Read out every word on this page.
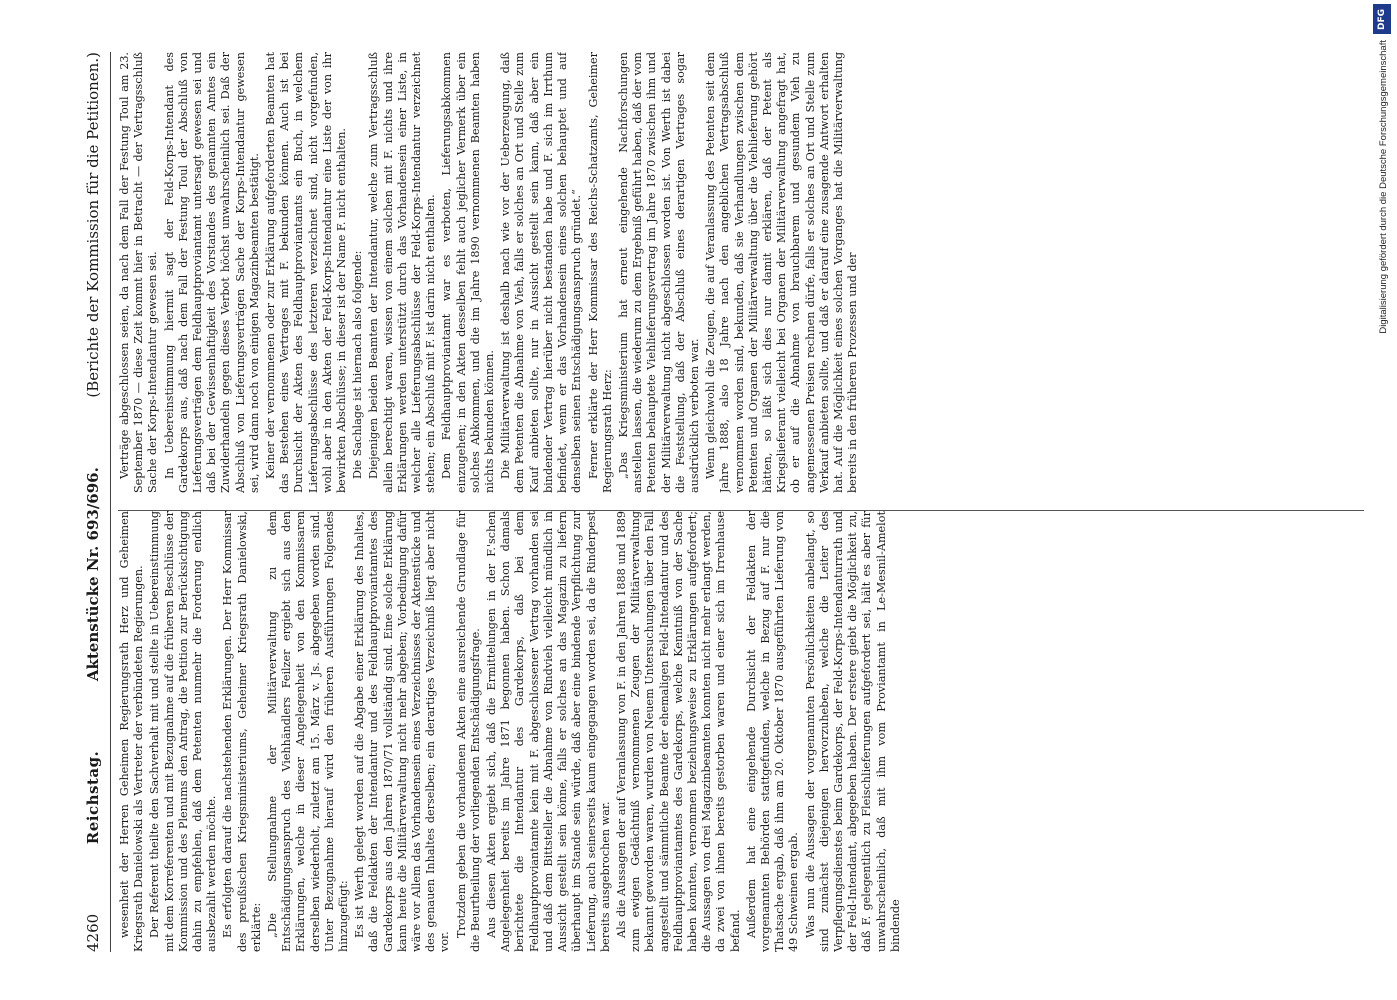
4260
Reichstag.
Aktenstücke Nr. 693/696.
(Berichte der Kommission für die Petitionen.)

wesenheit der Herren Geheimen Regierungsrath Herz und Geheimen Kriegsrath Danielowski als Vertreter der verbündeten Regierungen. Der Referent theilte den Sachverhalt mit und stellte in Uebereinstimmung mit dem Korreferenten und mit Bezugnahme auf die früheren Beschlüsse der Kommission und des Plenums den Antrag, die Petition zur Berücksichtigung dahin zu empfehlen, daß dem Petenten nunmehr die Forderung endlich ausbezahlt werden möchte. Es erfolgten darauf die nachstehenden Erklärungen. Der Herr Kommissar des preußischen Kriegsministeriums, Geheimer Kriegsrath Danielowski, erklärte: „Die Stellungnahme der Militärverwaltung zu dem Entschädigungsanspruch des Viehhändlers Feilzer ergiebt sich aus den Erklärungen, welche in dieser Angelegenheit von den Kommissaren derselben wiederholt, zuletzt am 15. März v. Js. abgegeben worden sind. Unter Bezugnahme hierauf wird den früheren Ausführungen Folgendes hinzugefügt: Es ist Werth gelegt worden auf die Abgabe einer Erklärung des Inhaltes, daß die Feldakten der Intendantur und des Feldhauptproviantamtes des Gardekorps aus den Jahren 1870/71 vollständig sind. Eine solche Erklärung kann heute die Militärverwaltung nicht mehr abgeben; Vorbedingung dafür wäre vor Allem das Vorhandensein eines Verzeichnisses der Aktenstücke und des genauen Inhaltes derselben; ein derartiges Verzeichniß liegt aber nicht vor.

Trotzdem geben die vorhandenen Akten eine ausreichende Grundlage für die Beurtheilung der vorliegenden Entschädigungsfrage. Aus diesen Akten ergiebt sich, daß die Ermittelungen in der F.'schen Angelegenheit bereits im Jahre 1871 begonnen haben. Schon damals berichtete die Intendantur des Gardekorps, daß bei dem Feldhauptproviantamte kein mit F. abgeschlossener Vertrag vorhanden sei und daß dem Bittsteller die Abnahme von Rindvieh vielleicht mündlich in Aussicht gestellt sein könne, falls er solches an das Magazin zu liefern überhaupt im Stande sein würde, daß aber eine bindende Verpflichtung zur Lieferung, auch seinerseits kaum eingegangen worden sei, da die Rinderpest bereits ausgebrochen war. Als die Aussagen der auf Veranlassung von F. in den Jahren 1888 und 1889 zum ewigen Gedächtniß vernommenen Zeugen der Militärverwaltung bekannt geworden waren, wurden von Neuem Untersuchungen über den Fall angestellt und sämmtliche Beamte der ehemaligen Feld-Intendantur und des Feldhauptproviantamtes des Gardekorps, welche Kenntniß von der Sache haben konnten, vernommen beziehungsweise zu Erklärungen aufgefordert; die Aussagen von drei Magazinbeamten konnten nicht mehr erlangt werden, da zwei von ihnen bereits gestorben waren und einer sich im Irrenhause befand. Außerdem hat eine eingehende Durchsicht der Feldakten der vorgenannten Behörden stattgefunden, welche in Bezug auf F. nur die Thatsache ergab, daß ihm am 20. Oktober 1870 ausgeführten Lieferung von 49 Schweinen ergab. Was nun die Aussagen der vorgenannten Persönlichkeiten anbelangt, so sind zunächst diejenigen hervorzuheben, welche die Leiter des Verpflegungsdienstes beim Gardekorps, der Feld-Korps-Intendanturrath und der Feld-Intendant, abgegeben haben. Der erstere giebt die Möglichkeit zu, daß F. gelegentlich zu Fleischlieferungen aufgefordert sei, hält es aber für unwahrscheinlich, daß mit ihm vom Proviantamt in Le-Mesnil-Amelot bindende

Verträge abgeschlossen seien, da nach dem Fall der Festung Toul am 23. September 1870 — diese Zeit kommt hier in Betracht — der Vertragsschluß Sache der Korps-Intendantur gewesen sei. In Uebereinstimmung hiermit sagt der Feld-Korps-Intendant des Gardekorps aus, daß nach dem Fall der Festung Toul der Abschluß von Lieferungsverträgen dem Feldhauptproviantamt untersagt gewesen sei und daß bei der Gewissenhaftigkeit des Vorstandes des genannten Amtes ein Zuwiderhandeln gegen dieses Verbot höchst unwahrscheinlich sei. Daß der Abschluß von Lieferungsverträgen Sache der Korps-Intendantur gewesen sei, wird dann noch von einigen Magazinbeamten bestätigt. Keiner der vernommenen oder zur Erklärung aufgeforderten Beamten hat das Bestehen eines Vertrages mit F. bekunden können. Auch ist bei Durchsicht der Akten des Feldhauptproviantamts ein Buch, in welchem Lieferungsabschlüsse des letzteren verzeichnet sind, nicht vorgefunden, wohl aber in den Akten der Feld-Korps-Intendantur eine Liste der von ihr bewirkten Abschlüsse; in dieser ist der Name F. nicht enthalten. Die Sachlage ist hiernach also folgende: Diejenigen beiden Beamten der Intendantur, welche zum Vertragsschluß allein berechtigt waren, wissen von einem solchen mit F. nichts und ihre Erklärungen werden unterstützt durch das Vorhandensein einer Liste, in welcher alle Lieferungsabschlüsse der Feld-Korps-Intendantur verzeichnet stehen; ein Abschluß mit F. ist darin nicht enthalten. Dem Feldhauptproviantamt war es verboten, Lieferungsabkommen einzugehen; in den Akten desselben fehlt auch jeglicher Vermerk über ein solches Abkommen, und die im Jahre 1890 vernommenen Beamten haben nichts bekunden können. Die Militärverwaltung ist deshalb nach wie vor der Ueberzeugung, daß dem Petenten die Abnahme von Vieh, falls er solches an Ort und Stelle zum Kauf anbieten sollte, nur in Aussicht gestellt sein kann, daß aber ein bindender Vertrag hierüber nicht bestanden habe und F. sich im Irrthum befindet, wenn er das Vorhandensein eines solchen behauptet und auf denselben seinen Entschädigungsanspruch gründet.“ Ferner erklärte der Herr Kommissar des Reichs-Schatzamts, Geheimer Regierungsrath Herz: „Das Kriegsministerium hat erneut eingehende Nachforschungen anstellen lassen, die wiederum zu dem Ergebniß geführt haben, daß der vom Petenten behauptete Viehlieferungsvertrag im Jahre 1870 zwischen ihm und der Militärverwaltung nicht abgeschlossen worden ist. Von Werth ist dabei die Feststellung, daß der Abschluß eines derartigen Vertrages sogar ausdrücklich verboten war. Wenn gleichwohl die Zeugen, die auf Veranlassung des Petenten seit dem Jahre 1888, also 18 Jahre nach den angeblichen Vertragsabschluß vernommen worden sind, bekunden, daß sie Verhandlungen zwischen dem Petenten und Organen der Militärverwaltung über die Viehlieferung gehört hätten, so läßt sich dies nur damit erklären, daß der Petent als Kriegslieferant vielleicht bei Organen der Militärverwaltung angefragt hat, ob er auf die Abnahme von brauchbarem und gesundem Vieh zu angemessenen Preisen rechnen dürfe, falls er solches an Ort und Stelle zum Verkauf anbieten sollte, und daß er darauf eine zusagende Antwort erhalten hat. Auf die Möglichkeit eines solchen Vorganges hat die Militärverwaltung bereits in den früheren Prozessen und der

DFG
Digitalisierung gefördert durch die Deutsche Forschungsgemeinschaft
